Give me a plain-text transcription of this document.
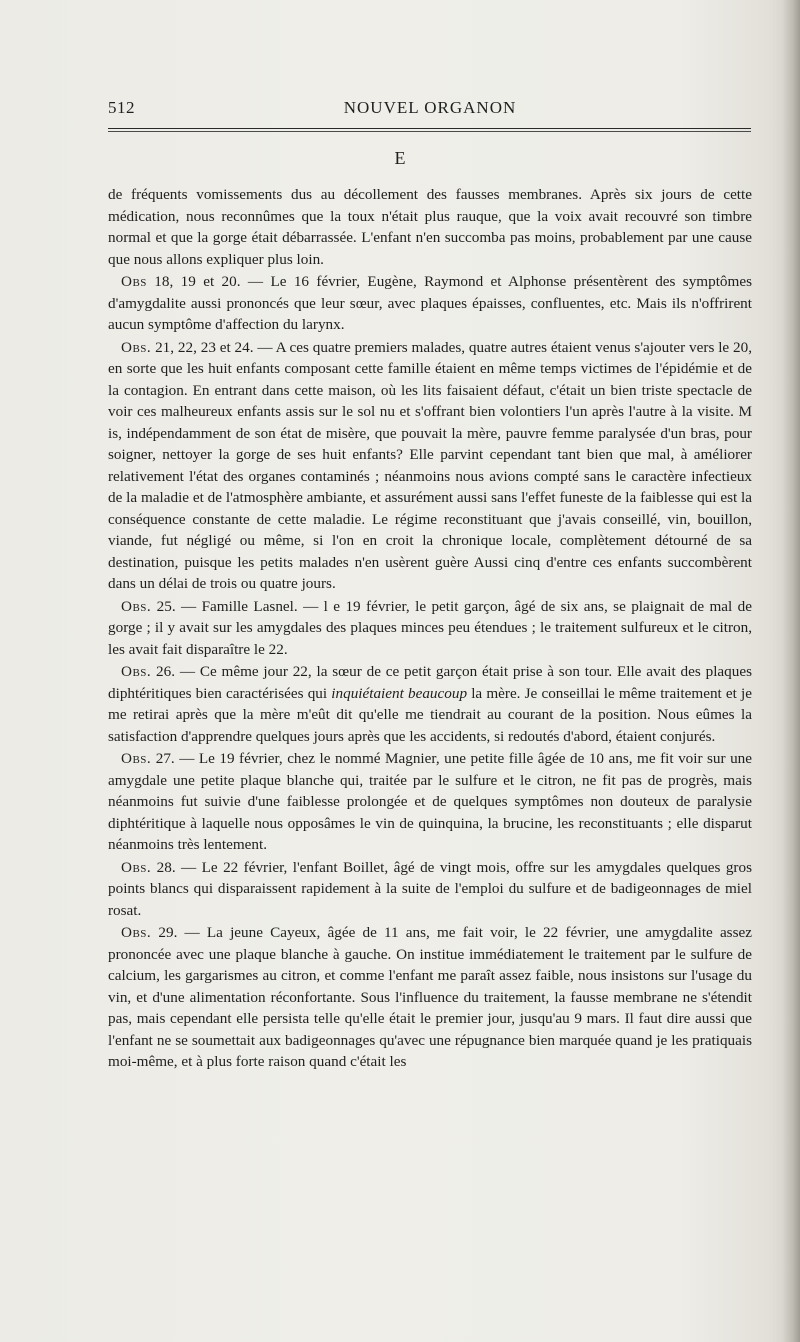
512	NOUVEL ORGANON
E

de fréquents vomissements dus au décollement des fausses membranes. Après six jours de cette médication, nous reconnûmes que la toux n'était plus rauque, que la voix avait recouvré son timbre normal et que la gorge était débarrassée. L'enfant n'en succomba pas moins, probablement par une cause que nous allons expliquer plus loin.

Obs 18, 19 et 20. — Le 16 février, Eugène, Raymond et Alphonse présentèrent des symptômes d'amygdalite aussi prononcés que leur sœur, avec plaques épaisses, confluentes, etc. Mais ils n'offrirent aucun symptôme d'affection du larynx.

Obs. 21, 22, 23 et 24. — A ces quatre premiers malades, quatre autres étaient venus s'ajouter vers le 20, en sorte que les huit enfants composant cette famille étaient en même temps victimes de l'épidémie et de la contagion. En entrant dans cette maison, où les lits faisaient défaut, c'était un bien triste spectacle de voir ces malheureux enfants assis sur le sol nu et s'offrant bien volontiers l'un après l'autre à la visite. M is, indépendamment de son état de misère, que pouvait la mère, pauvre femme paralysée d'un bras, pour soigner, nettoyer la gorge de ses huit enfants? Elle parvint cependant tant bien que mal, à améliorer relativement l'état des organes contaminés ; néanmoins nous avions compté sans le caractère infectieux de la maladie et de l'atmosphère ambiante, et assurément aussi sans l'effet funeste de la faiblesse qui est la conséquence constante de cette maladie. Le régime reconstituant que j'avais conseillé, vin, bouillon, viande, fut négligé ou même, si l'on en croit la chronique locale, complètement détourné de sa destination, puisque les petits malades n'en usèrent guère Aussi cinq d'entre ces enfants succombèrent dans un délai de trois ou quatre jours.

Obs. 25. — Famille Lasnel. — l e 19 février, le petit garçon, âgé de six ans, se plaignait de mal de gorge ; il y avait sur les amygdales des plaques minces peu étendues ; le traitement sulfureux et le citron, les avait fait disparaître le 22.

Obs. 26. — Ce même jour 22, la sœur de ce petit garçon était prise à son tour. Elle avait des plaques diphtéritiques bien caractérisées qui inquiétaient beaucoup la mère. Je conseillai le même traitement et je me retirai après que la mère m'eût dit qu'elle me tiendrait au courant de la position. Nous eûmes la satisfaction d'apprendre quelques jours après que les accidents, si redoutés d'abord, étaient conjurés.

Obs. 27. — Le 19 février, chez le nommé Magnier, une petite fille âgée de 10 ans, me fit voir sur une amygdale une petite plaque blanche qui, traitée par le sulfure et le citron, ne fit pas de progrès, mais néanmoins fut suivie d'une faiblesse prolongée et de quelques symptômes non douteux de paralysie diphtéritique à laquelle nous opposâmes le vin de quinquina, la brucine, les reconstituants ; elle disparut néanmoins très lentement.

Obs. 28. — Le 22 février, l'enfant Boillet, âgé de vingt mois, offre sur les amygdales quelques gros points blancs qui disparaissent rapidement à la suite de l'emploi du sulfure et de badigeonnages de miel rosat.

Obs. 29. — La jeune Cayeux, âgée de 11 ans, me fait voir, le 22 février, une amygdalite assez prononcée avec une plaque blanche à gauche. On institue immédiatement le traitement par le sulfure de calcium, les gargarismes au citron, et comme l'enfant me paraît assez faible, nous insistons sur l'usage du vin, et d'une alimentation réconfortante. Sous l'influence du traitement, la fausse membrane ne s'étendit pas, mais cependant elle persista telle qu'elle était le premier jour, jusqu'au 9 mars. Il faut dire aussi que l'enfant ne se soumettait aux badigeonnages qu'avec une répugnance bien marquée quand je les pratiquais moi-même, et à plus forte raison quand c'était les
